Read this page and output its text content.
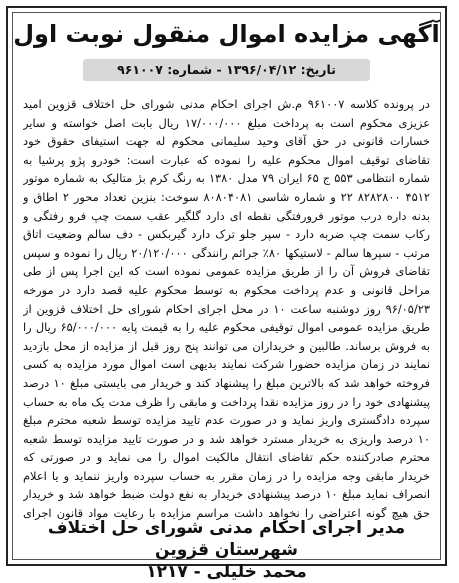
آگهی مزایده اموال منقول نوبت اول
تاریخ: ۱۳۹۶/۰۴/۱۲ - شماره: ۹۶۱۰۰۷
در پرونده کلاسه ۹۶۱۰۰۷ م.ش اجرای احکام مدنی شورای حل اختلاف قزوین امید عزیزی محکوم است به پرداخت مبلغ ۱۷/۰۰۰/۰۰۰ ریال بابت اصل خواسته و سایر خسارات قانونی در حق آقای وحید سلیمانی محکوم له جهت استیفای حقوق خود تقاضای توقیف اموال محکوم علیه را نموده که عبارت است: خودرو پژو پرشیا به شماره انتظامی ۵۵۳ ج ۶۵ ایران ۷۹ مدل ۱۳۸۰ به رنگ کرم بژ متالیک به شماره موتور ۴۵۱۲ ۸۲۸۲۸۰۰ ۲۲ و شماره شاسی ۸۰۸۰۴۰۸۱ سوخت: بنزین تعداد محور ۲ اطاق و بدنه داره درب موتور فرورفتگی نقطه ای دارد گلگیر عقب سمت چپ فرو رفتگی و رکاب سمت چپ ضربه دارد - سپر جلو ترک دارد گیربکس - دف سالم وضعیت اتاق مرتب - سپرها سالم - لاستیکها ۸۰٪ جرائم رانندگی ۲۰/۱۲۰/۰۰۰ ریال را نموده و سپس تقاضای فروش آن را از طریق مزایده عمومی نموده است که این اجرا پس از طی مراحل قانونی و عدم پرداخت محکوم به توسط محکوم علیه قصد دارد در مورخه ۹۶/۰۵/۲۳ روز دوشنبه ساعت ۱۰ در محل اجرای احکام شورای حل اختلاف قزوین از طریق مزایده عمومی اموال توقیفی محکوم علیه را به قیمت پایه ۶۵/۰۰۰/۰۰۰ ریال را به فروش برساند. طالبین و خریداران می توانند پنج روز قبل از مزایده از محل بازدید نمایند در زمان مزایده حضورا شرکت نمایند بدیهی است اموال مورد مزایده به کسی فروخته خواهد شد که بالاترین مبلغ را پیشنهاد کند و خریدار می بایستی مبلغ ۱۰ درصد پیشنهادی خود را در روز مزایده نقدا پرداخت و مابقی را ظرف مدت یک ماه به حساب سپرده دادگستری واریز نماید و در صورت عدم تایید مزایده توسط شعبه محترم مبلغ ۱۰ درصد واریزی به خریدار مسترد خواهد شد و در صورت تایید مزایده توسط شعبه محترم صادرکننده حکم تقاضای انتقال مالکیت اموال را می نماید و در صورتی که خریدار مابقی وجه مزایده را در زمان مقرر به حساب سپرده واریز ننماید و یا اعلام انصراف نماید مبلغ ۱۰ درصد پیشنهادی خریدار به نفع دولت ضبط خواهد شد و خریدار حق هیچ گونه اعتراضی را نخواهد داشت مراسم مزایده با رعایت مواد قانون اجرای
مدیر اجرای احکام مدنی شورای حل اختلاف شهرستان قزوین
محمد خلیلی - ۱۲۱۷
